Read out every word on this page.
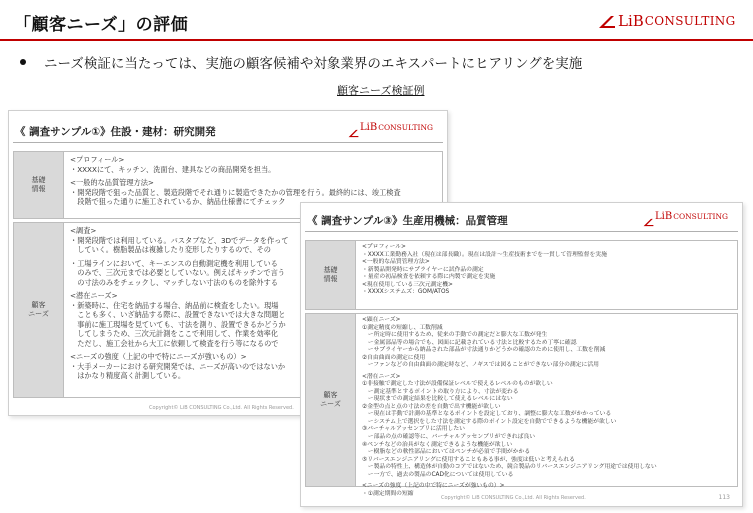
「顧客ニーズ」の評価	LiB CONSULTING
ニーズ検証に当たっては、実施の顧客候補や対象業界のエキスパートにヒアリングを実施
顧客ニーズ検証例
《 調査サンプル①》住設・建材：研究開発	LiB CONSULTING
基礎
情報
<プロフィール>
・XXXXにて、キッチン、洗面台、建具などの商品開発を担当。
<一般的な品質管理方法>
・開発段階で狙った品質と、製造段階でそれ通りに製造できたかの管理を行う。最終的には、竣工検査
　段階で狙った通りに施工されているか、納品仕様書にてチェック
顧客
ニーズ
<調査>
・開発段階では利用している。バスタブなど、3Dでデータを作って
　していく。樹脂製品は複雑したり変形したりするので、その
・工場ラインにおいて、キーエンスの自動測定機を利用している
　のみで、三次元までは必要としていない。例えばキッチンで言う
　の寸法のみをチェックし、マッチしない寸法のものを除外する
<潜在ニーズ>
・新築時に、住宅を納品する場合、納品前に検査をしたい。現場
　ことも多く、いざ納品する際に、設置できないでは大きな問題と
　事前に施工現場を見ていても、寸法を測り、設置できるかどうか
　してしまうため、三次元計測をここで利用して、作業を効率化
　ただし、施工会社から大工に依頼して検査を行う等になるので
<ニーズの強度（上記の中で特にニーズが強いもの）>
・大手メーカーにおける研究開発では、ニーズが高いのではないか
　はかなり精度高く計測している。
Copyright© LiB CONSULTING Co.,Ltd. All Rights Reserved.
《 調査サンプル③》生産用機械：品質管理	LiB CONSULTING
基礎
情報
<プロフィール>
・XXXX工業勤務入社（現在は部長職）。現在は設計〜生産技術までを一貫して管理監督を実施
<一般的な品質管理方法>
・新製品開発時にサプライヤーに試作品の測定
・量産の初品検査を依頼する際に内製で測定を実施
<現在使用している三次元測定機>
・XXXXシステムズ：GOM/ATOS
顧客
ニーズ
<顕在ニーズ>
①測定精度の短縮し、工数削減
　ー所定時に使用するため、従来の手動での測定だと膨大な工数が発生
　ー金属部品等の場合でも、図面に記載されている寸法と比較するため丁寧に確認
　ーサプライヤーから納品された部品が寸法通りかどうかの確認のために使用し、工数を削減
②自由曲面の測定に使用
　ーファンなどの自由曲面の測定時など、ノギスでは図ることができない部分の測定に活用
<潜在ニーズ>
①非接触で測定した寸法が設備保証レベルで使えるレベルのものが欲しい
　ー測定基準とするポイントの取り方により、寸法が変わる
　ー現状までの測定結果を比較して使えるレベルにはない
②金型の点と点の寸法の差を自動で出す機能が欲しい
　ー現在は手動で計測の基準となるポイントを設定しており、調整に膨大な工数がかかっている
　ーシステム上で選択をした寸法を測定する際のポイント設定を自動でできるような機能が欲しい
③バーチャルアッセンブリに活用したい
　ー部品の点の確認等に、バーチャルアッセンブリができれば良い
④ペンチなどの治具がなく測定できるような機能が欲しい
　ー樹脂などの軟性部品においてはペンチが必須で手間がかかる
⑤リバースエンジニアリングに使用することもある事が、強度は低いと考えられる
　ー製品の特性上、構造体が自動のコアではないため、競合製品のリバースエンジニアリング用途では使用しない
　ー一方で、過去の製品のCAD化については使用している
<ニーズの強度（上記の中で特にニーズが強いもの）>
・①測定期間の短縮
Copyright© LiB CONSULTING Co.,Ltd. All Rights Reserved.	113
